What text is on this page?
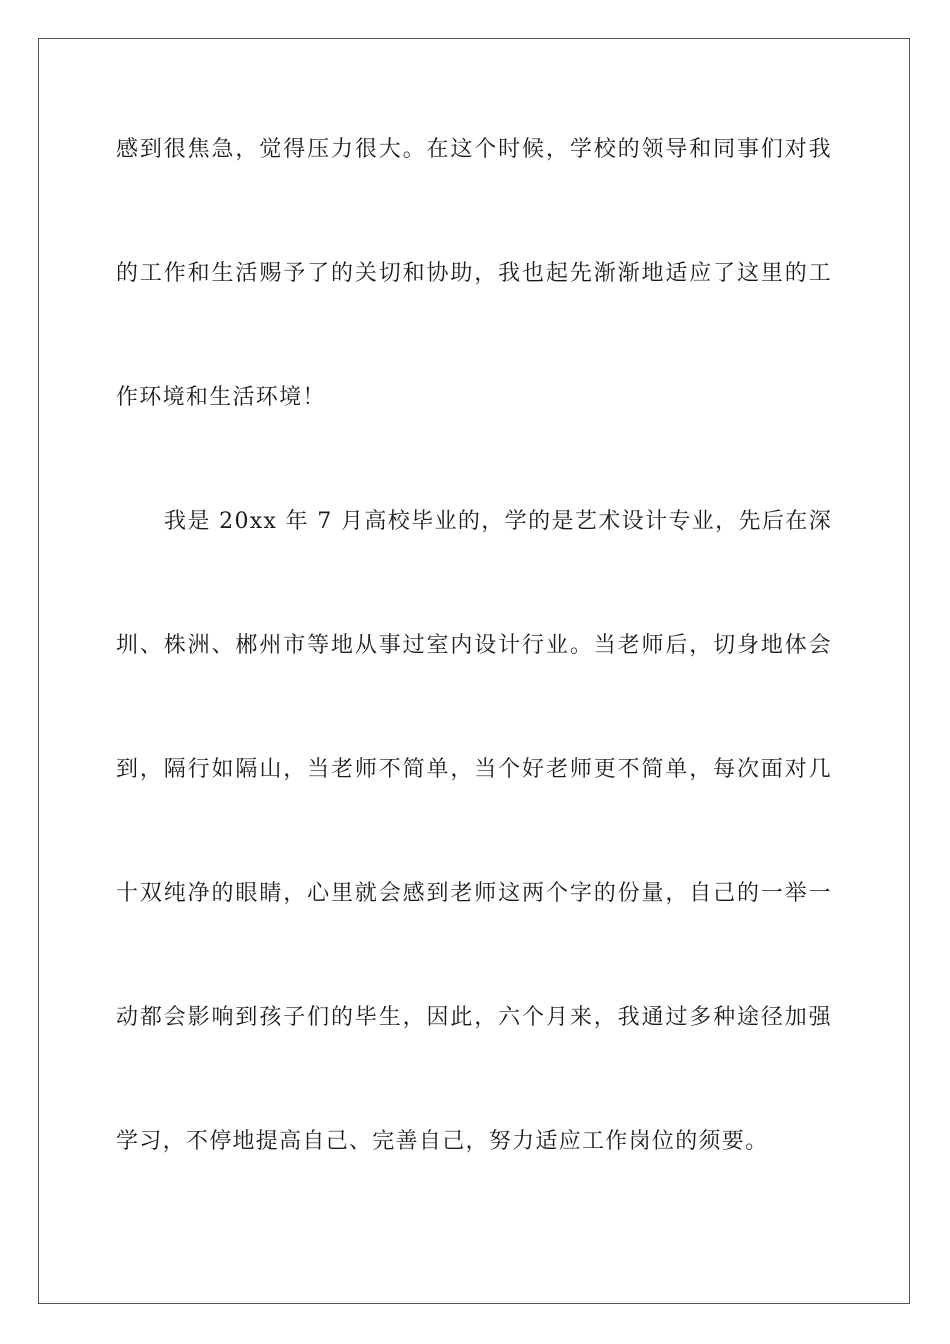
感到很焦急，觉得压力很大。在这个时候，学校的领导和同事们对我
的工作和生活赐予了的关切和协助，我也起先渐渐地适应了这里的工
作环境和生活环境！
我是 20xx 年 7 月高校毕业的，学的是艺术设计专业，先后在深
圳、株洲、郴州市等地从事过室内设计行业。当老师后，切身地体会
到，隔行如隔山，当老师不简单，当个好老师更不简单，每次面对几
十双纯净的眼睛，心里就会感到老师这两个字的份量，自己的一举一
动都会影响到孩子们的毕生，因此，六个月来，我通过多种途径加强
学习，不停地提高自己、完善自己，努力适应工作岗位的须要。
